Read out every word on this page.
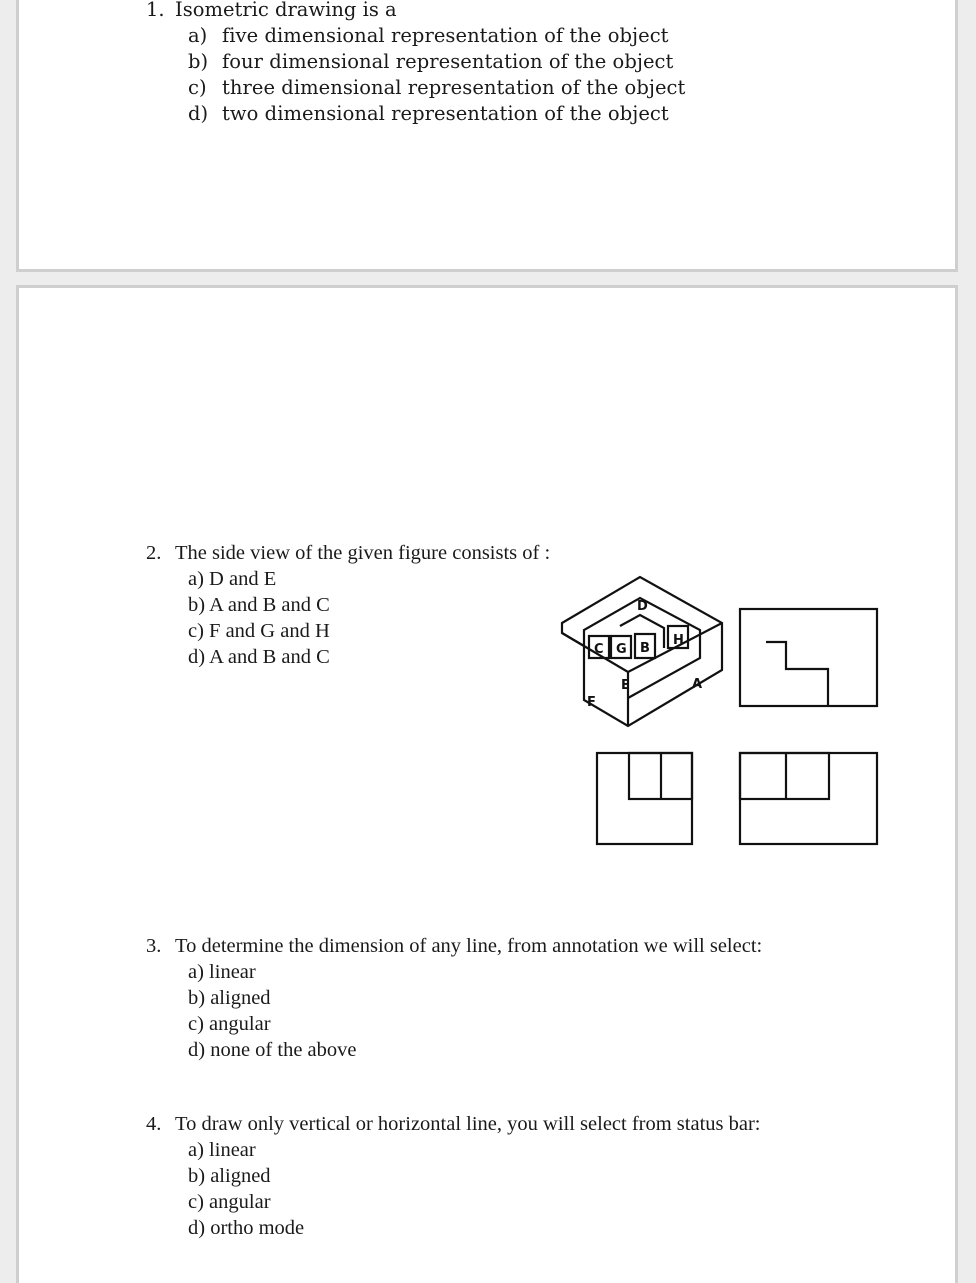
1. Isometric drawing is a
a) five dimensional representation of the object
b) four dimensional representation of the object
c) three dimensional representation of the object
d) two dimensional representation of the object
2. The side view of the given figure consists of :
a) D and E
b) A and B and C
c) F and G and H
d) A and B and C
D
C G B
H
E	A
F
3. To determine the dimension of any line, from annotation we will select:
a) linear
b) aligned
c) angular
d) none of the above
4. To draw only vertical or horizontal line, you will select from status bar:
a) linear
b) aligned
c) angular
d) ortho mode
